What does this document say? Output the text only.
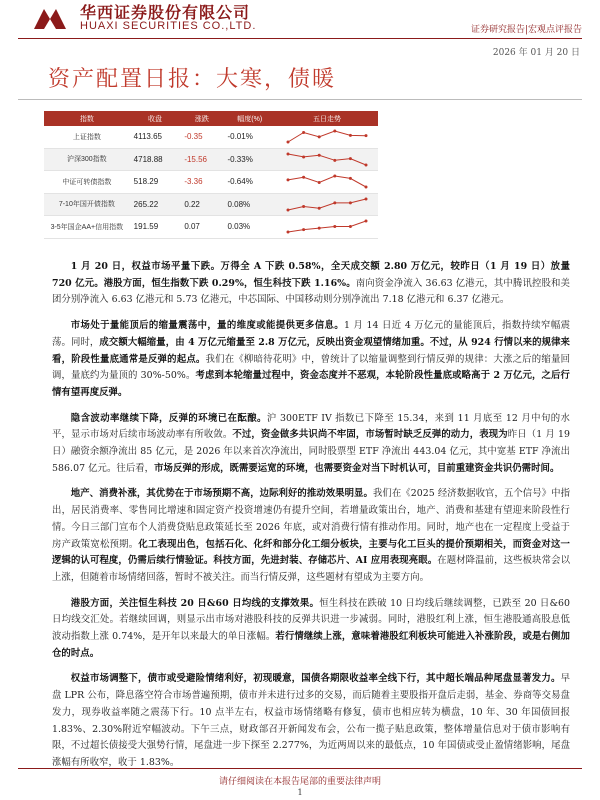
华西证券股份有限公司
HUAXI SECURITIES CO.,LTD.	证券研究报告|宏观点评报告
2026 年 01 月 20 日
资产配置日报：大寒，债暖
指数	收盘	涨跌	幅度(%)	五日走势
上证指数	4113.65	-0.35	-0.01%	

沪深300指数	4718.88	-15.56	-0.33%	

中证可转债指数	518.29	-3.36	-0.64%	

7-10年国开债指数	265.22	0.22	0.08%	

3-5年国企AA+信用指数	191.59	0.07	0.03%	

1 月 20 日，权益市场平量下跌。万得全 A 下跌 0.58%，全天成交额 2.80 万亿元，较昨日（1 月 19 日）放量 720 亿元。港股方面，恒生指数下跌 0.29%，恒生科技下跌 1.16%。南向资金净流入 36.63 亿港元，其中腾讯控股和美团分别净流入 6.63 亿港元和 5.73 亿港元，中芯国际、中国移动则分别净流出 7.18 亿港元和 6.37 亿港元。

市场处于量能顶后的缩量震荡中，量的维度或能提供更多信息。1 月 14 日近 4 万亿元的量能顶后，指数持续窄幅震荡。同时，成交额大幅缩量，由 4 万亿元缩量至 2.8 万亿元，反映出资金观望情绪加重。不过，从 924 行情以来的规律来看，阶段性量底通常是反弹的起点。我们在《柳暗待花明》中，曾统计了以缩量调整到行情反弹的规律：大涨之后的缩量回调，量底约为量顶的 30%-50%。考虑到本轮缩量过程中，资金态度并不恶观，本轮阶段性量底或略高于 2 万亿元，之后行情有望再度反弹。

隐含波动率继续下降，反弹的环境已在酝酿。沪 300ETF IV 指数已下降至 15.34，来到 11 月底至 12 月中旬的水平，显示市场对后续市场波动率有所收敛。不过，资金做多共识尚不牢固，市场暂时缺乏反弹的动力，表现为昨日（1 月 19 日）融资余额净流出 85 亿元，是 2026 年以来首次净流出，同时股票型 ETF 净流出 443.04 亿元，其中宽基 ETF 净流出 586.07 亿元。往后看，市场反弹的形成，既需要运宽的环境，也需要资金对当下时机认可，目前重建资金共识仍需时间。

地产、消费补涨，其优势在于市场预期不高，边际利好的推动效果明显。我们在《2025 经济数据收官，五个信号》中指出，居民消费率、零售同比增速和固定资产投资增速仍有提升空间，若增量政策出台，地产、消费和基建有望迎来阶段性行情。今日三部门宣布个人消费贷贴息政策延长至 2026 年底，或对消费行情有推动作用。同时，地产也在一定程度上受益于房产政策宽松预期。化工表现出色，包括石化、化纤和部分化工细分板块，主要与化工巨头的提价预期相关，而资金对这一逻辑的认可程度，仍需后续行情验证。科技方面，先进封装、存储芯片、AI 应用表现亮眼。在题材降温前，这些板块常会以上涨，但随着市场情绪回落，暂时不被关注。而当行情反弹，这些题材有望成为主要方向。

港股方面，关注恒生科技 20 日&60 日均线的支撑效果。恒生科技在跌破 10 日均线后继续调整，已跌至 20 日&60 日均线交汇处。若继续回调，则显示出市场对港股科技的反弹共识进一步减弱。同时，港股红利上涨，恒生港股通高股息低波动指数上涨 0.74%，是开年以来最大的单日涨幅。若行情继续上涨，意味着港股红利板块可能进入补涨阶段，或是右侧加仓的时点。

权益市场调整下，债市或受避险情绪利好，初现暖意，国债各期限收益率全线下行，其中超长端品种尾盘显著发力。早盘 LPR 公布，降息落空符合市场普遍预期，债市并未进行过多的交易，而后随着主要股指开盘后走弱，基金、券商等交易盘发力，现券收益率随之震荡下行。10 点半左右，权益市场情绪略有修复，债市也相应转为横盘，10 年、30 年国债回报 1.83%、2.30%附近窄幅波动。下午三点，财政部召开新闻发布会，公布一揽子贴息政策，整体增量信息对于债市影响有限，不过超长债接受大强势行情，尾盘进一步下探至 2.277%，为近两周以来的最低点，10 年国债或受止盈情绪影响，尾盘涨幅有所收窄，收于 1.83%。

请仔细阅读在本报告尾部的重要法律声明
1
